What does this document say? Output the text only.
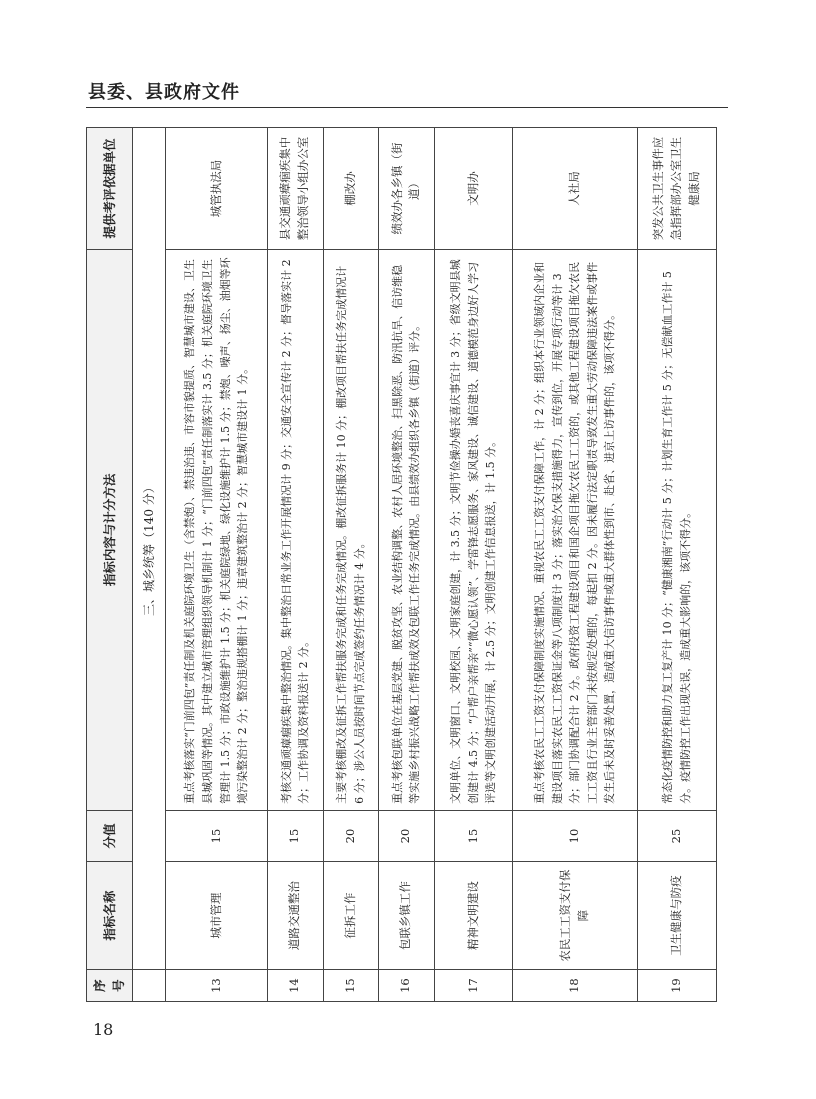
县委、县政府文件
序号	指标名称	分值	指标内容与计分方法	提供考评依据单位
	三、城乡统筹（140 分）			
13	城市管理	15	重点考核落实“门前四包”责任制及机关庭院环境卫生（含禁炮）、禁违治违、市容市貌提质、智慧城市建设、卫生县城巩固等情况。其中建立城市管理组织领导机制计 1 分；“门前四包”责任制落实计 3.5 分；机关庭院环境卫生管理计 1.5 分；市政设施维护计 1.5 分；机关庭院绿地、绿化设施维护计 1.5 分；禁炮、噪声、扬尘、油烟等环境污染整治计 2 分；整治违规搭棚计 1 分；违章建筑整治计 2 分；智慧城市建设计 1 分。	城管执法局
14	道路交通整治	15	考核交通顽瘴痼疾集中整治情况。集中整治日常业务工作开展情况计 9 分；交通安全宣传计 2 分；督导落实计 2 分；工作协调及资料报送计 2 分。	县交通顽瘴痼疾集中整治领导小组办公室
15	征拆工作	20	主要考核棚改及征拆工作帮扶服务完成和任务完成情况。棚改征拆服务计 10 分；棚改项目帮扶任务完成情况计 6 分；涉公人员按时间节点完成签约任务情况计 4 分。	棚改办
16	包联乡镇工作	20	重点考核包联单位在基层党建、脱贫攻坚、农业结构调整、农村人居环境整治、扫黑除恶、防汛抗旱、信访维稳等实施乡村振兴战略工作帮扶成效及包联工作任务完成情况。由县绩效办组织各乡镇（街道）评分。	绩效办各乡镇（街道）
17	精神文明建设	15	文明单位、文明窗口、文明校园、文明家庭创建，计 3.5 分；文明节俭操办婚丧喜庆事宜计 3 分；省级文明县城创建计 4.5 分；“户帮户亲帮亲”“微心愿认领”、学雷锋志愿服务、家风建设、诚信建设、道德模范身边好人学习评选等文明创建活动开展，计 2.5 分；文明创建工作信息报送，计 1.5 分。	文明办
18	农民工工资支付保障	10	重点考核农民工工资支付保障制度实施情况、重视农民工工资支付保障工作，计 2 分；组织本行业领域内企业和建设项目落实农民工工资保证金等八项制度计 3 分；落实治欠保支措施得力，宣传到位，开展专项行动等计 3 分；部门协调配合计 2 分。政府投资工程建设项目和国企项目拖欠农民工工资的，或其他工程建设项目拖欠农民工工资且行业主管部门未按规定处理的，每起扣 2 分。因未履行法定职责导致发生重大劳动保障违法案件或事件发生后未及时妥善处置，造成重大信访事件或重大群体性到市、赴省、进京上访事件的，该项不得分。	人社局
19	卫生健康与防疫	25	常态化疫情防控和助力复工复产计 10 分；“健康湘南”行动计 5 分；计划生育工作计 5 分；无偿献血工作计 5 分。疫情防控工作出现失误，造成重大影响的，该项不得分。	突发公共卫生事件应急指挥部办公室卫生健康局
18
